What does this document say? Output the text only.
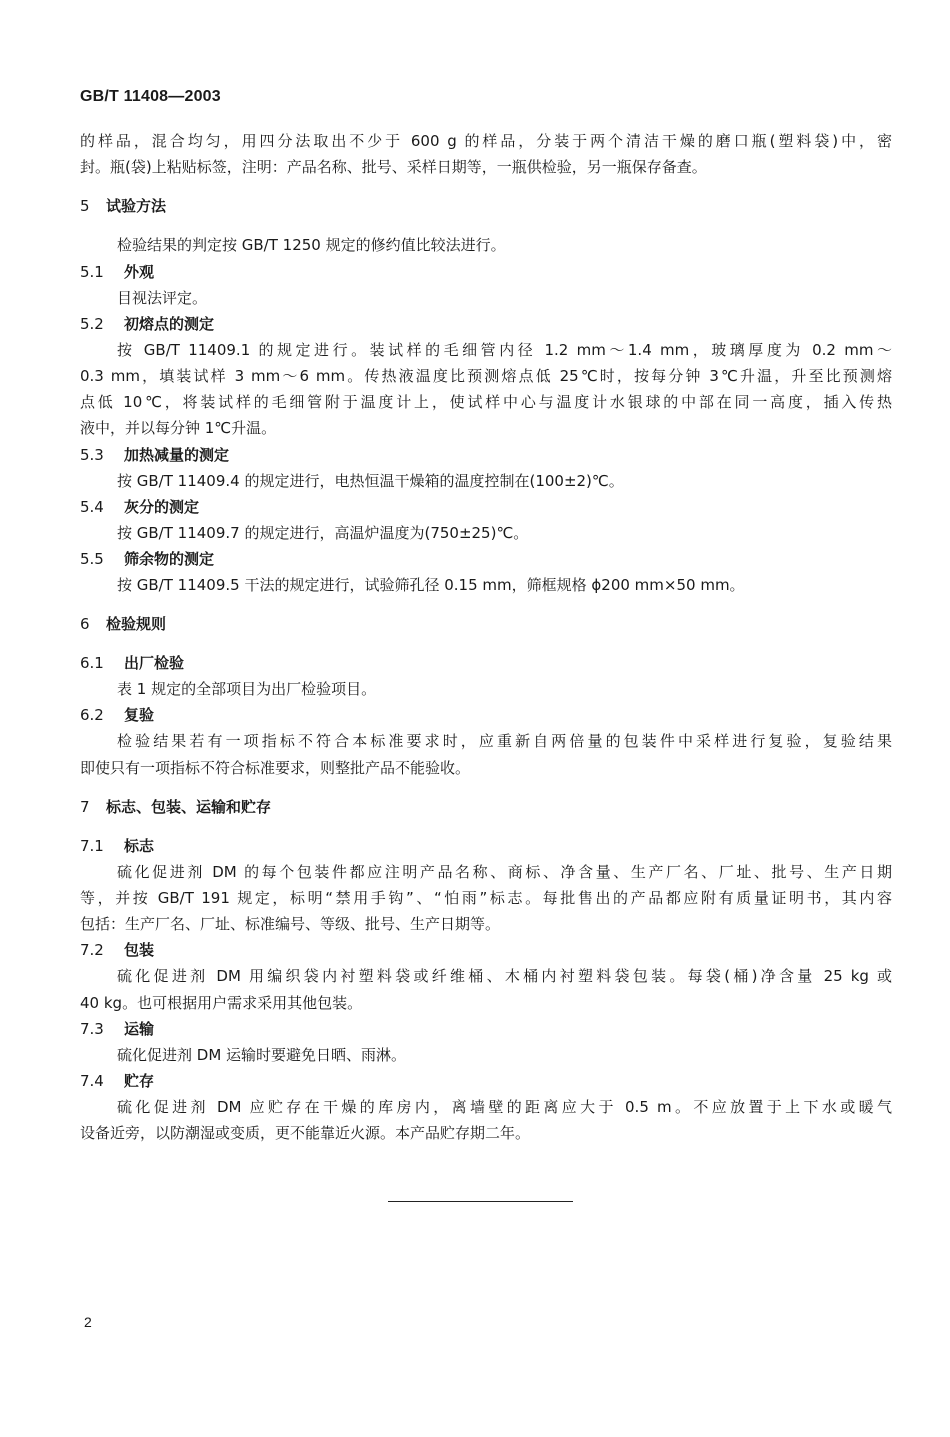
GB/T 11408—2003
的样品，混合均匀，用四分法取出不少于 600 g 的样品，分装于两个清洁干燥的磨口瓶(塑料袋)中，密
封。瓶(袋)上粘贴标签，注明：产品名称、批号、采样日期等，一瓶供检验，另一瓶保存备查。
5 试验方法
检验结果的判定按 GB/T 1250 规定的修约值比较法进行。
5.1 外观
目视法评定。
5.2 初熔点的测定
按 GB/T 11409.1 的规定进行。装试样的毛细管内径 1.2 mm～1.4 mm，玻璃厚度为 0.2 mm～
0.3 mm，填装试样 3 mm～6 mm。传热液温度比预测熔点低 25℃时，按每分钟 3℃升温，升至比预测熔
点低 10℃，将装试样的毛细管附于温度计上，使试样中心与温度计水银球的中部在同一高度，插入传热
液中，并以每分钟 1℃升温。
5.3 加热减量的测定
按 GB/T 11409.4 的规定进行，电热恒温干燥箱的温度控制在(100±2)℃。
5.4 灰分的测定
按 GB/T 11409.7 的规定进行，高温炉温度为(750±25)℃。
5.5 筛余物的测定
按 GB/T 11409.5 干法的规定进行，试验筛孔径 0.15 mm，筛框规格 ϕ200 mm×50 mm。
6 检验规则
6.1 出厂检验
表 1 规定的全部项目为出厂检验项目。
6.2 复验
检验结果若有一项指标不符合本标准要求时，应重新自两倍量的包装件中采样进行复验，复验结果
即使只有一项指标不符合标准要求，则整批产品不能验收。
7 标志、包装、运输和贮存
7.1 标志
硫化促进剂 DM 的每个包装件都应注明产品名称、商标、净含量、生产厂名、厂址、批号、生产日期
等，并按 GB/T 191 规定，标明“禁用手钩”、“怕雨”标志。每批售出的产品都应附有质量证明书，其内容
包括：生产厂名、厂址、标准编号、等级、批号、生产日期等。
7.2 包装
硫化促进剂 DM 用编织袋内衬塑料袋或纤维桶、木桶内衬塑料袋包装。每袋(桶)净含量 25 kg 或
40 kg。也可根据用户需求采用其他包装。
7.3 运输
硫化促进剂 DM 运输时要避免日晒、雨淋。
7.4 贮存
硫化促进剂 DM 应贮存在干燥的库房内，离墙壁的距离应大于 0.5 m。不应放置于上下水或暖气
设备近旁，以防潮湿或变质，更不能靠近火源。本产品贮存期二年。
2
